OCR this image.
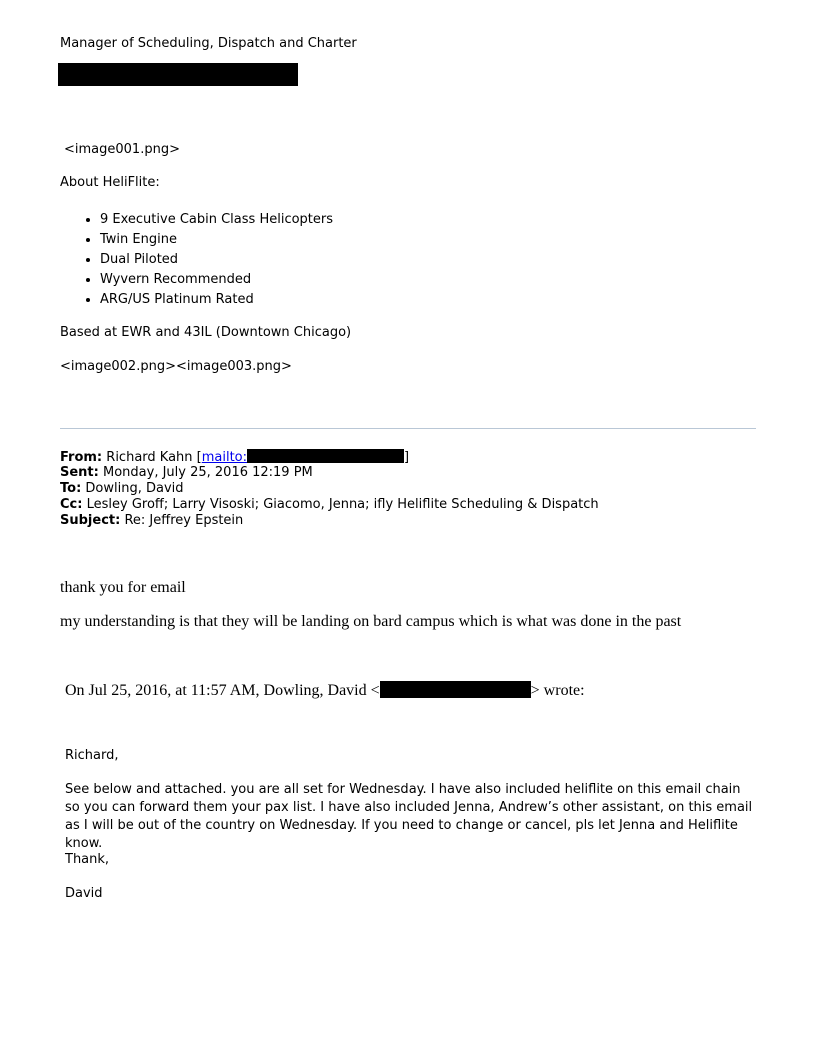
Manager of Scheduling, Dispatch and Charter
<image001.png>
About HeliFlite:
• 9 Executive Cabin Class Helicopters
• Twin Engine
• Dual Piloted
• Wyvern Recommended
• ARG/US Platinum Rated
Based at EWR and 43IL (Downtown Chicago)
<image002.png><image003.png>
From: Richard Kahn [mailto:	]
Sent: Monday, July 25, 2016 12:19 PM
To: Dowling, David
Cc: Lesley Groff; Larry Visoski; Giacomo, Jenna; ifly Heliflite Scheduling & Dispatch
Subject: Re: Jeffrey Epstein
thank you for email
my understanding is that they will be landing on bard campus which is what was done in the past
On Jul 25, 2016, at 11:57 AM, Dowling, David <	> wrote:
Richard,
See below and attached. you are all set for Wednesday. I have also included heliflite on this email chain so you can forward them your pax list. I have also included Jenna, Andrew’s other assistant, on this email as I will be out of the country on Wednesday. If you need to change or cancel, pls let Jenna and Heliflite know.
Thank,
David
